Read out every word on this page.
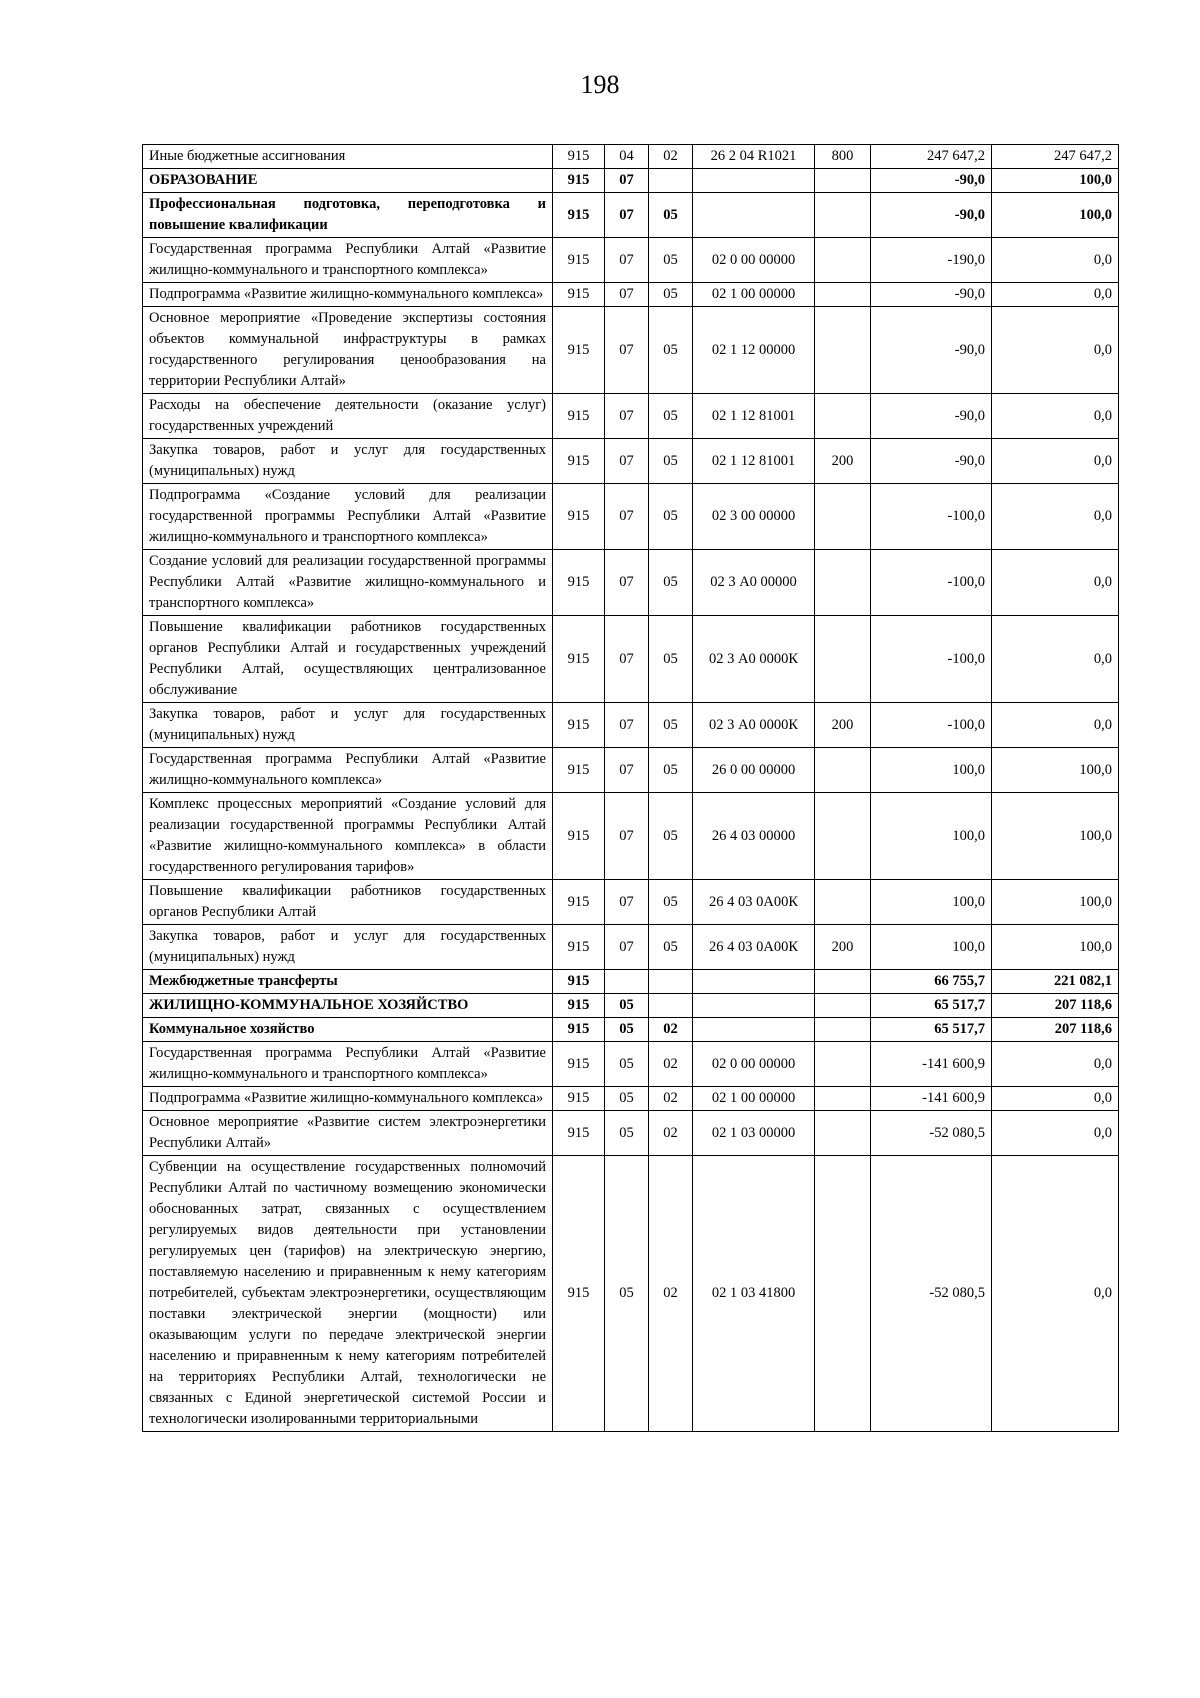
198
Иные бюджетные ассигнования	915	04	02	26 2 04 R1021	800	247 647,2	247 647,2
ОБРАЗОВАНИЕ	915	07				-90,0	100,0
Профессиональная подготовка, переподготовка и повышение квалификации	915	07	05			-90,0	100,0
Государственная программа Республики Алтай «Развитие жилищно-коммунального и транспортного комплекса»	915	07	05	02 0 00 00000		-190,0	0,0
Подпрограмма «Развитие жилищно-коммунального комплекса»	915	07	05	02 1 00 00000		-90,0	0,0
Основное мероприятие «Проведение экспертизы состояния объектов коммунальной инфраструктуры в рамках государственного регулирования ценообразования на территории Республики Алтай»	915	07	05	02 1 12 00000		-90,0	0,0
Расходы на обеспечение деятельности (оказание услуг) государственных учреждений	915	07	05	02 1 12 81001		-90,0	0,0
Закупка товаров, работ и услуг для государственных (муниципальных) нужд	915	07	05	02 1 12 81001	200	-90,0	0,0
Подпрограмма «Создание условий для реализации государственной программы Республики Алтай «Развитие жилищно-коммунального и транспортного комплекса»	915	07	05	02 3 00 00000		-100,0	0,0
Создание условий для реализации государственной программы Республики Алтай «Развитие жилищно-коммунального и транспортного комплекса»	915	07	05	02 3 А0 00000		-100,0	0,0
Повышение квалификации работников государственных органов Республики Алтай и государственных учреждений Республики Алтай, осуществляющих централизованное обслуживание	915	07	05	02 3 А0 0000К		-100,0	0,0
Закупка товаров, работ и услуг для государственных (муниципальных) нужд	915	07	05	02 3 А0 0000К	200	-100,0	0,0
Государственная программа Республики Алтай «Развитие жилищно-коммунального комплекса»	915	07	05	26 0 00 00000		100,0	100,0
Комплекс процессных мероприятий «Создание условий для реализации государственной программы Республики Алтай «Развитие жилищно-коммунального комплекса» в области государственного регулирования тарифов»	915	07	05	26 4 03 00000		100,0	100,0
Повышение квалификации работников государственных органов Республики Алтай	915	07	05	26 4 03 0А00К		100,0	100,0
Закупка товаров, работ и услуг для государственных (муниципальных) нужд	915	07	05	26 4 03 0А00К	200	100,0	100,0
Межбюджетные трансферты	915					66 755,7	221 082,1
ЖИЛИЩНО-КОММУНАЛЬНОЕ ХОЗЯЙСТВО	915	05				65 517,7	207 118,6
Коммунальное хозяйство	915	05	02			65 517,7	207 118,6
Государственная программа Республики Алтай «Развитие жилищно-коммунального и транспортного комплекса»	915	05	02	02 0 00 00000		-141 600,9	0,0
Подпрограмма «Развитие жилищно-коммунального комплекса»	915	05	02	02 1 00 00000		-141 600,9	0,0
Основное мероприятие «Развитие систем электроэнергетики Республики Алтай»	915	05	02	02 1 03 00000		-52 080,5	0,0
Субвенции на осуществление государственных полномочий Республики Алтай по частичному возмещению экономически обоснованных затрат, связанных с осуществлением регулируемых видов деятельности при установлении регулируемых цен (тарифов) на электрическую энергию, поставляемую населению и приравненным к нему категориям потребителей, субъектам электроэнергетики, осуществляющим поставки электрической энергии (мощности) или оказывающим услуги по передаче электрической энергии населению и приравненным к нему категориям потребителей на территориях Республики Алтай, технологически не связанных с Единой энергетической системой России и технологически изолированными территориальными	915	05	02	02 1 03 41800		-52 080,5	0,0
